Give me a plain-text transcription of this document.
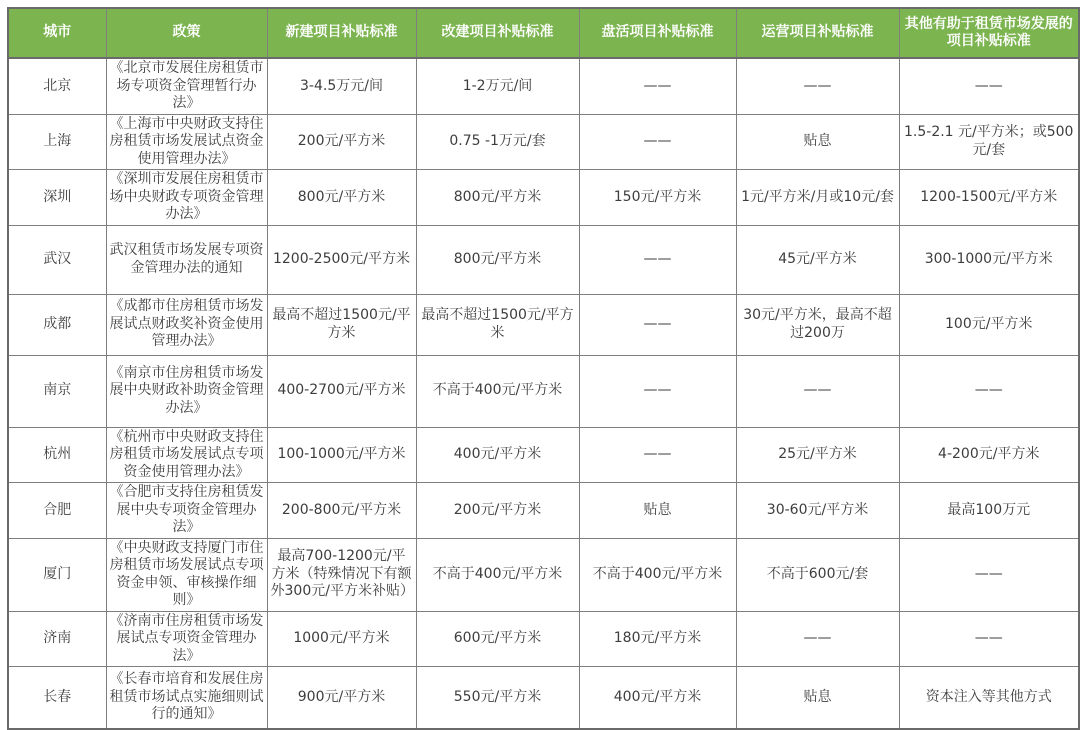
城市	政策	新建项目补贴标准	改建项目补贴标准	盘活项目补贴标准	运营项目补贴标准	其他有助于租赁市场发展的项目补贴标准
北京	《北京市发展住房租赁市场专项资金管理暂行办法》	3-4.5万元/间	1-2万元/间	——	——	——
上海	《上海市中央财政支持住房租赁市场发展试点资金使用管理办法》	200元/平方米	0.75 -1万元/套	——	贴息	1.5-2.1 元/平方米；或500元/套
深圳	《深圳市发展住房租赁市场中央财政专项资金管理办法》	800元/平方米	800元/平方米	150元/平方米	1元/平方米/月或10元/套	1200-1500元/平方米
武汉	武汉租赁市场发展专项资金管理办法的通知	1200-2500元/平方米	800元/平方米	——	45元/平方米	300-1000元/平方米
成都	《成都市住房租赁市场发展试点财政奖补资金使用管理办法》	最高不超过1500元/平方米	最高不超过1500元/平方米	——	30元/平方米，最高不超过200万	100元/平方米
南京	《南京市住房租赁市场发展中央财政补助资金管理办法》	400-2700元/平方米	不高于400元/平方米	——	——	——
杭州	《杭州市中央财政支持住房租赁市场发展试点专项资金使用管理办法》	100-1000元/平方米	400元/平方米	——	25元/平方米	4-200元/平方米
合肥	《合肥市支持住房租赁发展中央专项资金管理办法》	200-800元/平方米	200元/平方米	贴息	30-60元/平方米	最高100万元
厦门	《中央财政支持厦门市住房租赁市场发展试点专项资金申领、审核操作细则》	最高700-1200元/平方米（特殊情况下有额外300元/平方米补贴）	不高于400元/平方米	不高于400元/平方米	不高于600元/套	——
济南	《济南市住房租赁市场发展试点专项资金管理办法》	1000元/平方米	600元/平方米	180元/平方米	——	——
长春	《长春市培育和发展住房租赁市场试点实施细则试行的通知》	900元/平方米	550元/平方米	400元/平方米	贴息	资本注入等其他方式
